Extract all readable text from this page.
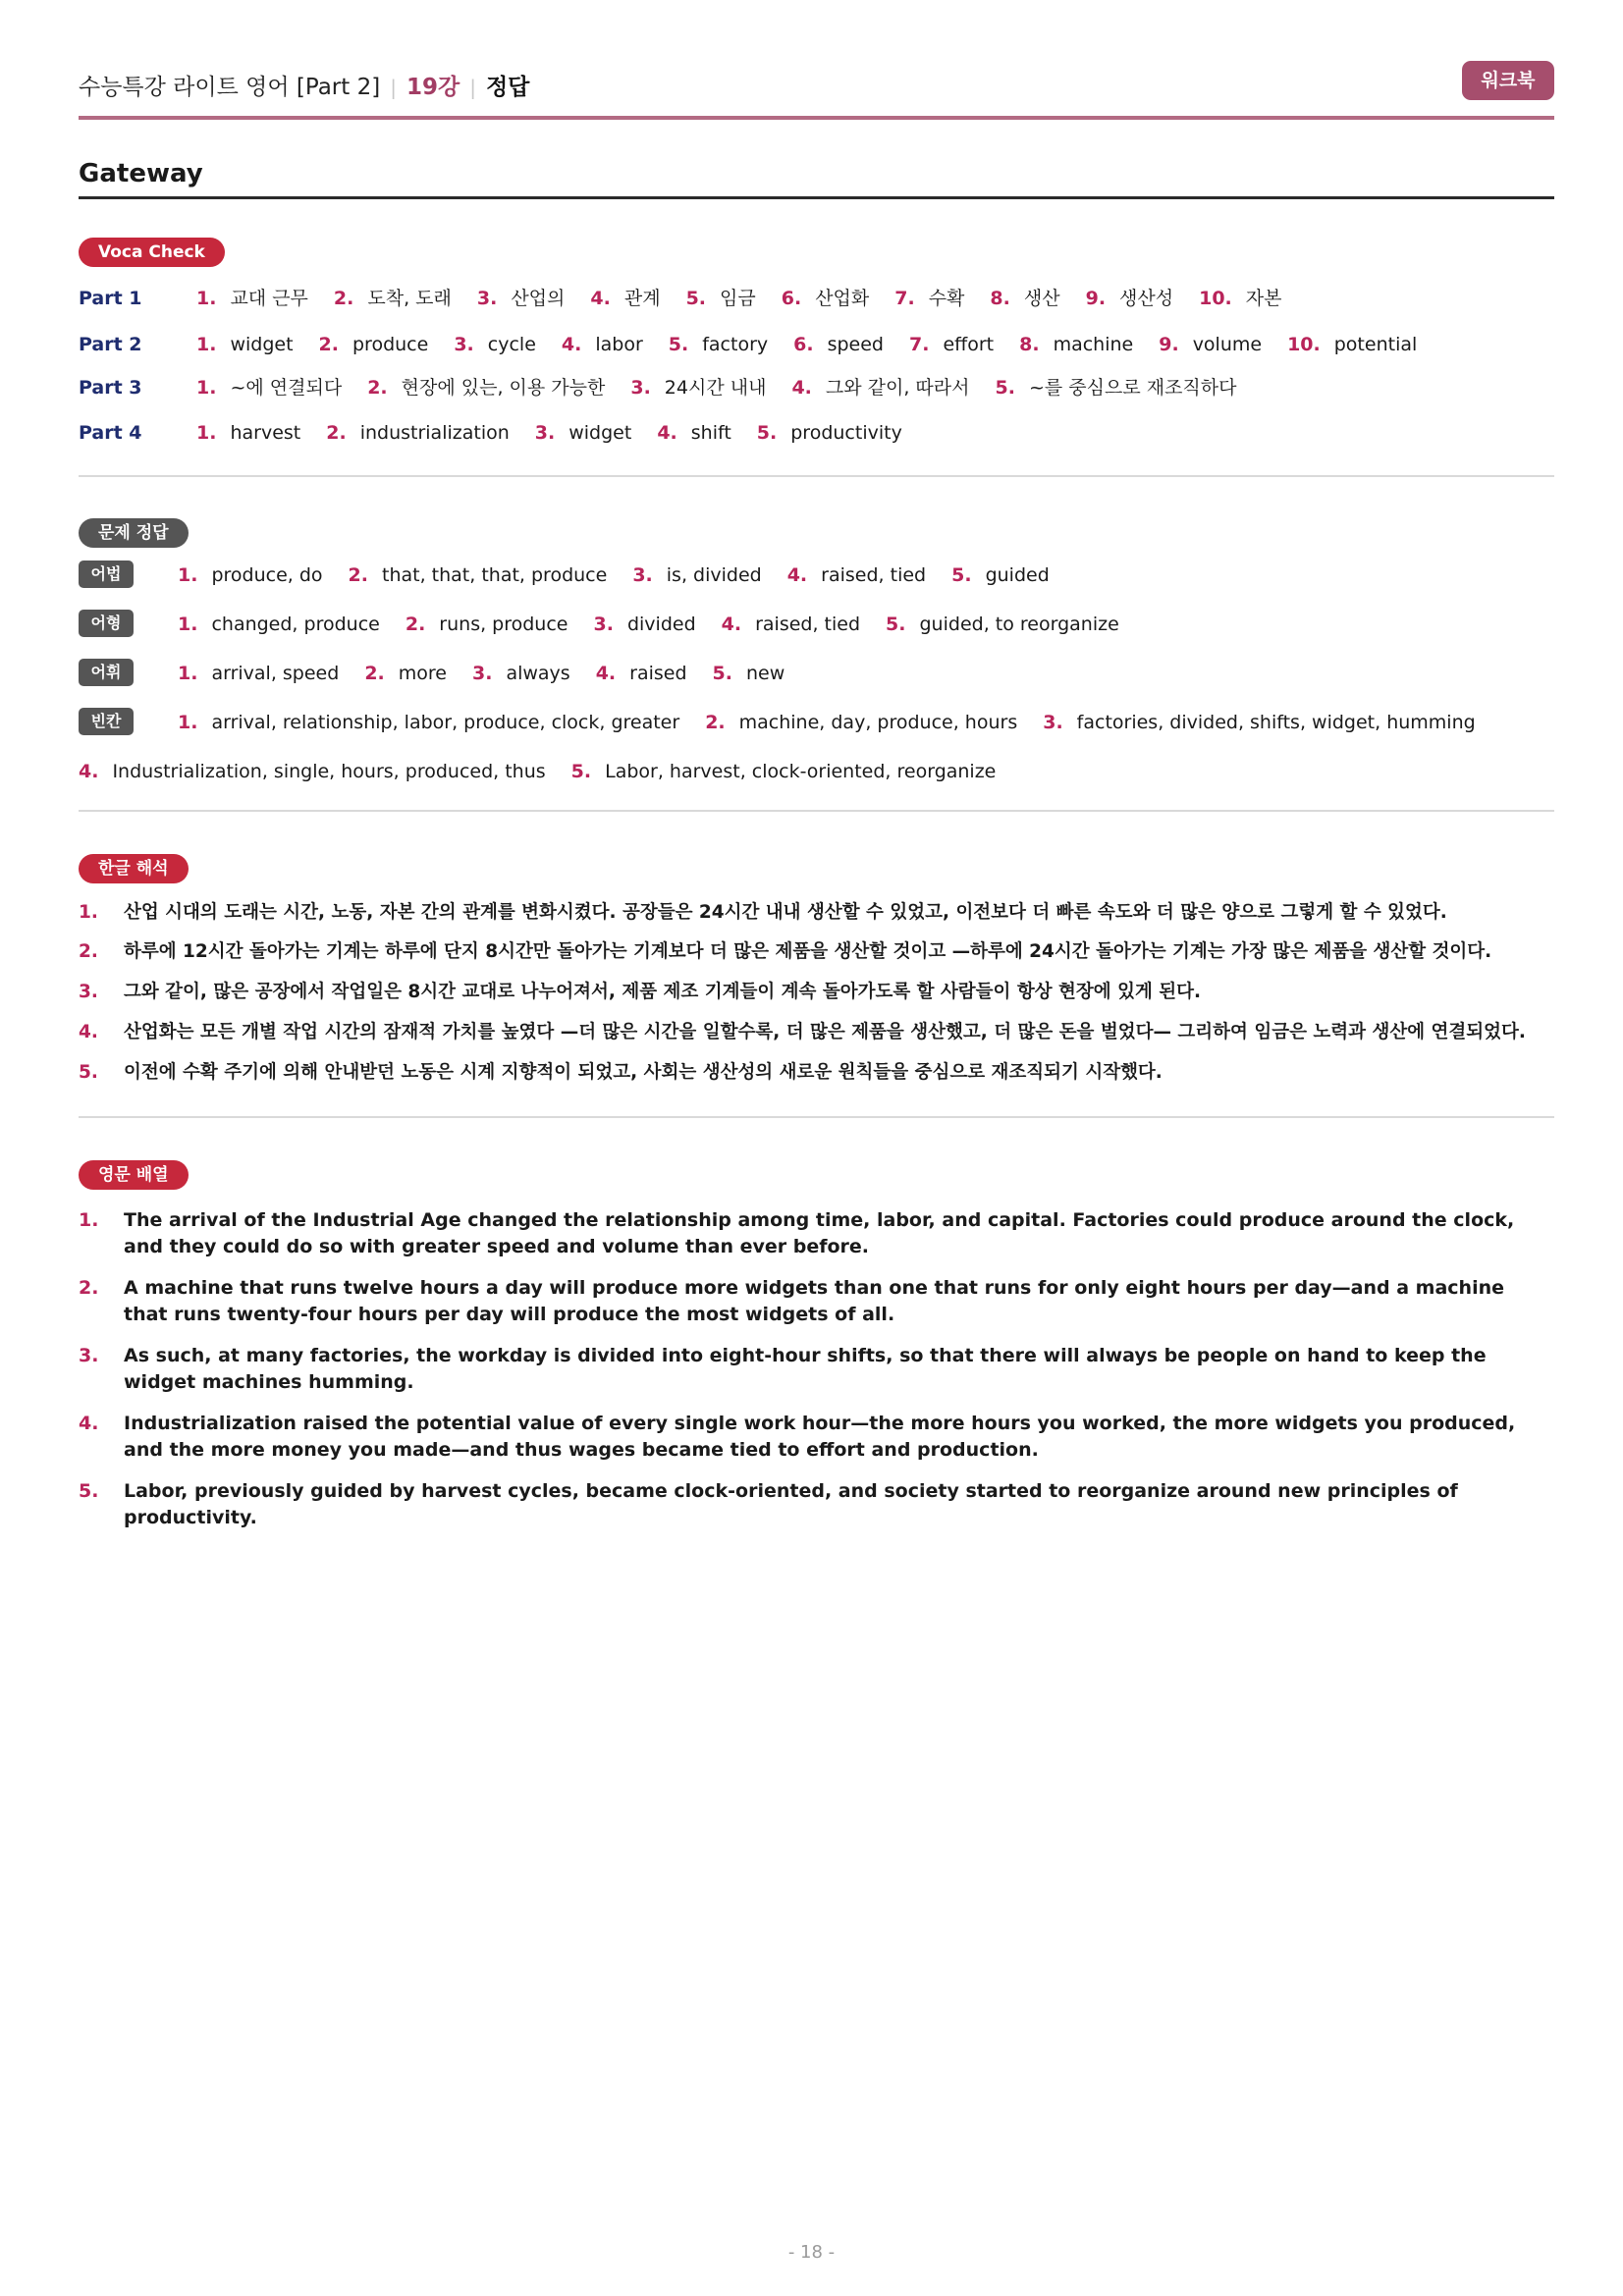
수능특강 라이트 영어 [Part 2] | 19강 | 정답	워크북
Gateway
Voca Check
Part 1	1. 교대 근무 2. 도착, 도래 3. 산업의 4. 관계 5. 임금 6. 산업화 7. 수확 8. 생산 9. 생산성 10. 자본
Part 2	1. widget 2. produce 3. cycle 4. labor 5. factory 6. speed 7. effort 8. machine 9. volume 10. potential
Part 3	1. ~에 연결되다 2. 현장에 있는, 이용 가능한 3. 24시간 내내 4. 그와 같이, 따라서 5. ~를 중심으로 재조직하다
Part 4	1. harvest 2. industrialization 3. widget 4. shift 5. productivity
문제 정답
어법	1. produce, do 2. that, that, that, produce 3. is, divided 4. raised, tied 5. guided
어형	1. changed, produce 2. runs, produce 3. divided 4. raised, tied 5. guided, to reorganize
어휘	1. arrival, speed 2. more 3. always 4. raised 5. new
빈칸	1. arrival, relationship, labor, produce, clock, greater 2. machine, day, produce, hours 3. factories, divided, shifts, widget, humming
4. Industrialization, single, hours, produced, thus 5. Labor, harvest, clock-oriented, reorganize
한글 해석
1. 산업 시대의 도래는 시간, 노동, 자본 간의 관계를 변화시켰다. 공장들은 24시간 내내 생산할 수 있었고, 이전보다 더 빠른 속도와 더 많은 양으로 그렇게 할 수 있었다.
2. 하루에 12시간 돌아가는 기계는 하루에 단지 8시간만 돌아가는 기계보다 더 많은 제품을 생산할 것이고 —하루에 24시간 돌아가는 기계는 가장 많은 제품을 생산할 것이다.
3. 그와 같이, 많은 공장에서 작업일은 8시간 교대로 나누어져서, 제품 제조 기계들이 계속 돌아가도록 할 사람들이 항상 현장에 있게 된다.
4. 산업화는 모든 개별 작업 시간의 잠재적 가치를 높였다 —더 많은 시간을 일할수록, 더 많은 제품을 생산했고, 더 많은 돈을 벌었다— 그리하여 임금은 노력과 생산에 연결되었다.
5. 이전에 수확 주기에 의해 안내받던 노동은 시계 지향적이 되었고, 사회는 생산성의 새로운 원칙들을 중심으로 재조직되기 시작했다.
영문 배열
1. The arrival of the Industrial Age changed the relationship among time, labor, and capital. Factories could produce around the clock, and they could do so with greater speed and volume than ever before.
2. A machine that runs twelve hours a day will produce more widgets than one that runs for only eight hours per day—and a machine that runs twenty-four hours per day will produce the most widgets of all.
3. As such, at many factories, the workday is divided into eight-hour shifts, so that there will always be people on hand to keep the widget machines humming.
4. Industrialization raised the potential value of every single work hour—the more hours you worked, the more widgets you produced, and the more money you made—and thus wages became tied to effort and production.
5. Labor, previously guided by harvest cycles, became clock-oriented, and society started to reorganize around new principles of productivity.
- 18 -
